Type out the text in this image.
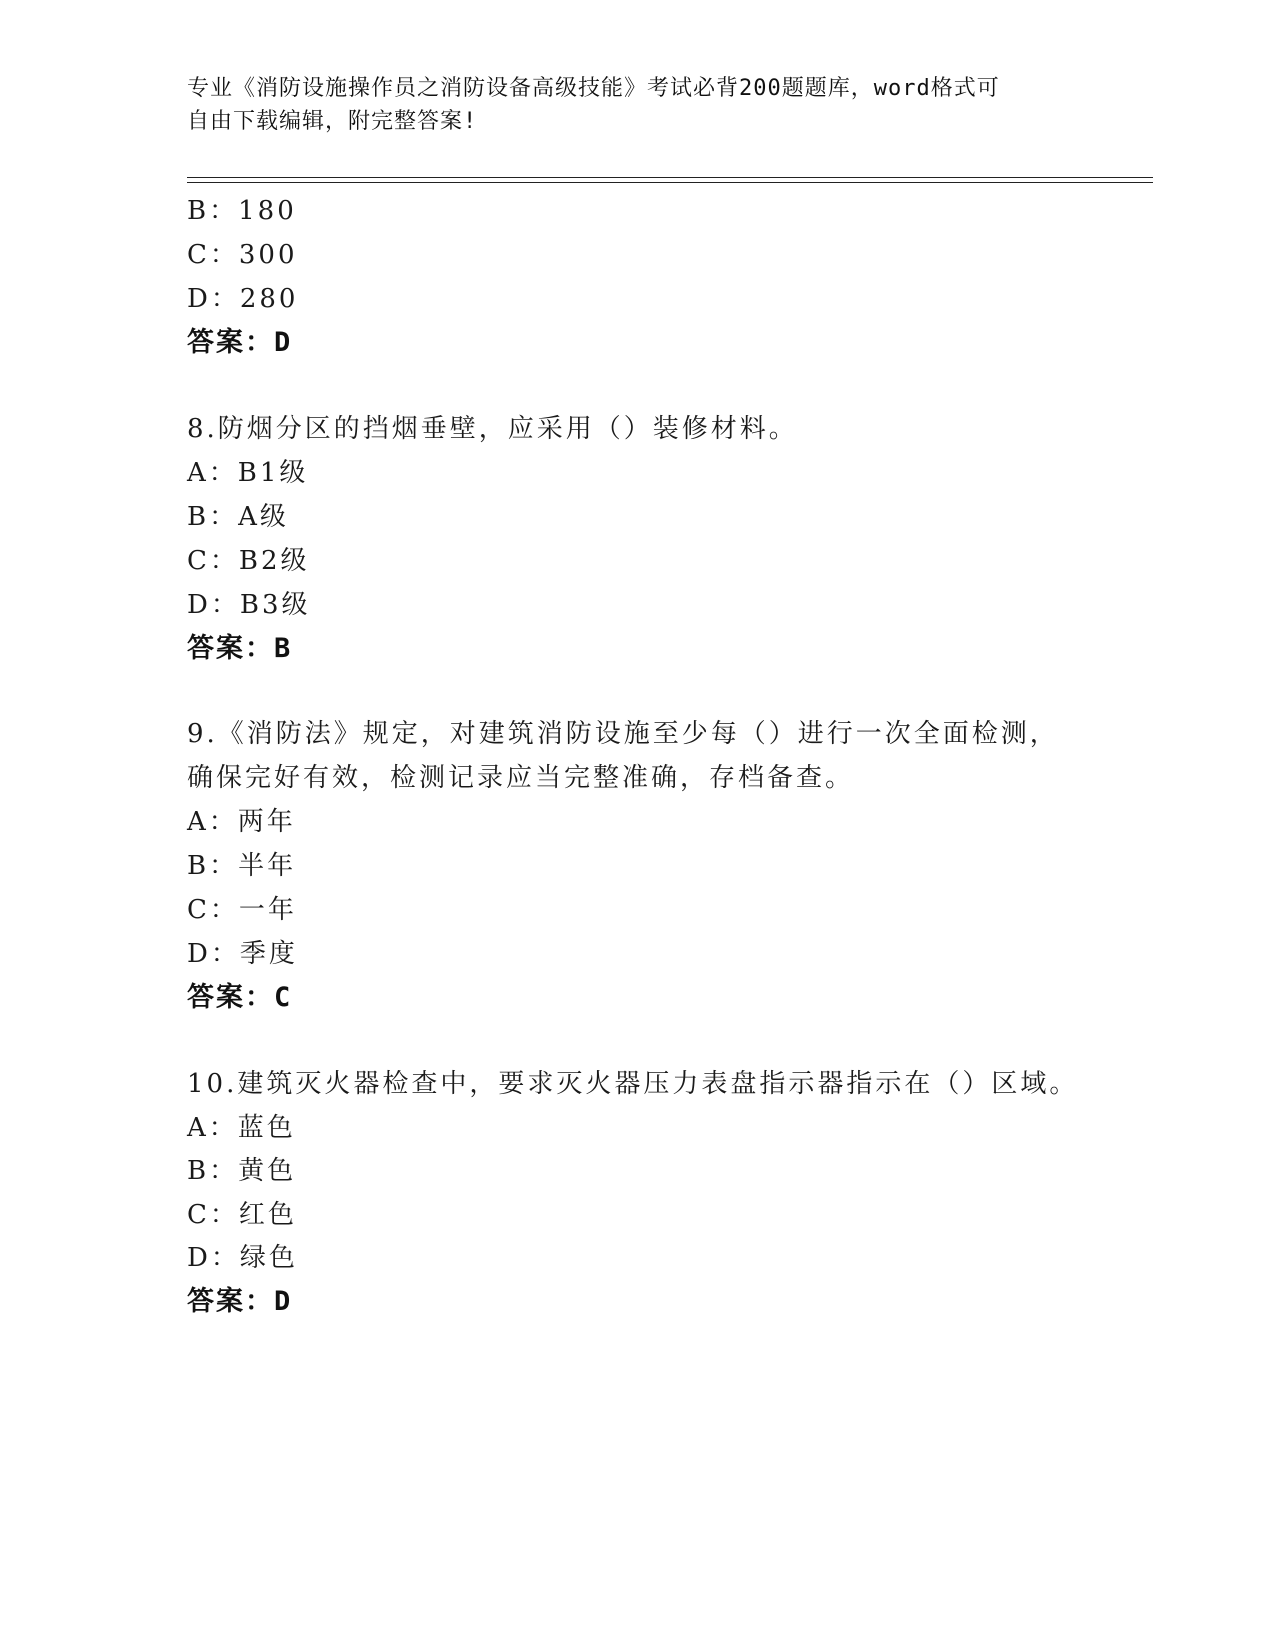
专业《消防设施操作员之消防设备高级技能》考试必背200题题库，word格式可
自由下载编辑，附完整答案!
B：180
C：300
D：280
答案：D
8.防烟分区的挡烟垂壁，应采用（）装修材料。
A：B1级
B：A级
C：B2级
D：B3级
答案：B
9.《消防法》规定，对建筑消防设施至少每（）进行一次全面检测，
确保完好有效，检测记录应当完整准确，存档备查。
A：两年
B：半年
C：一年
D：季度
答案：C
10.建筑灭火器检查中，要求灭火器压力表盘指示器指示在（）区域。
A：蓝色
B：黄色
C：红色
D：绿色
答案：D
